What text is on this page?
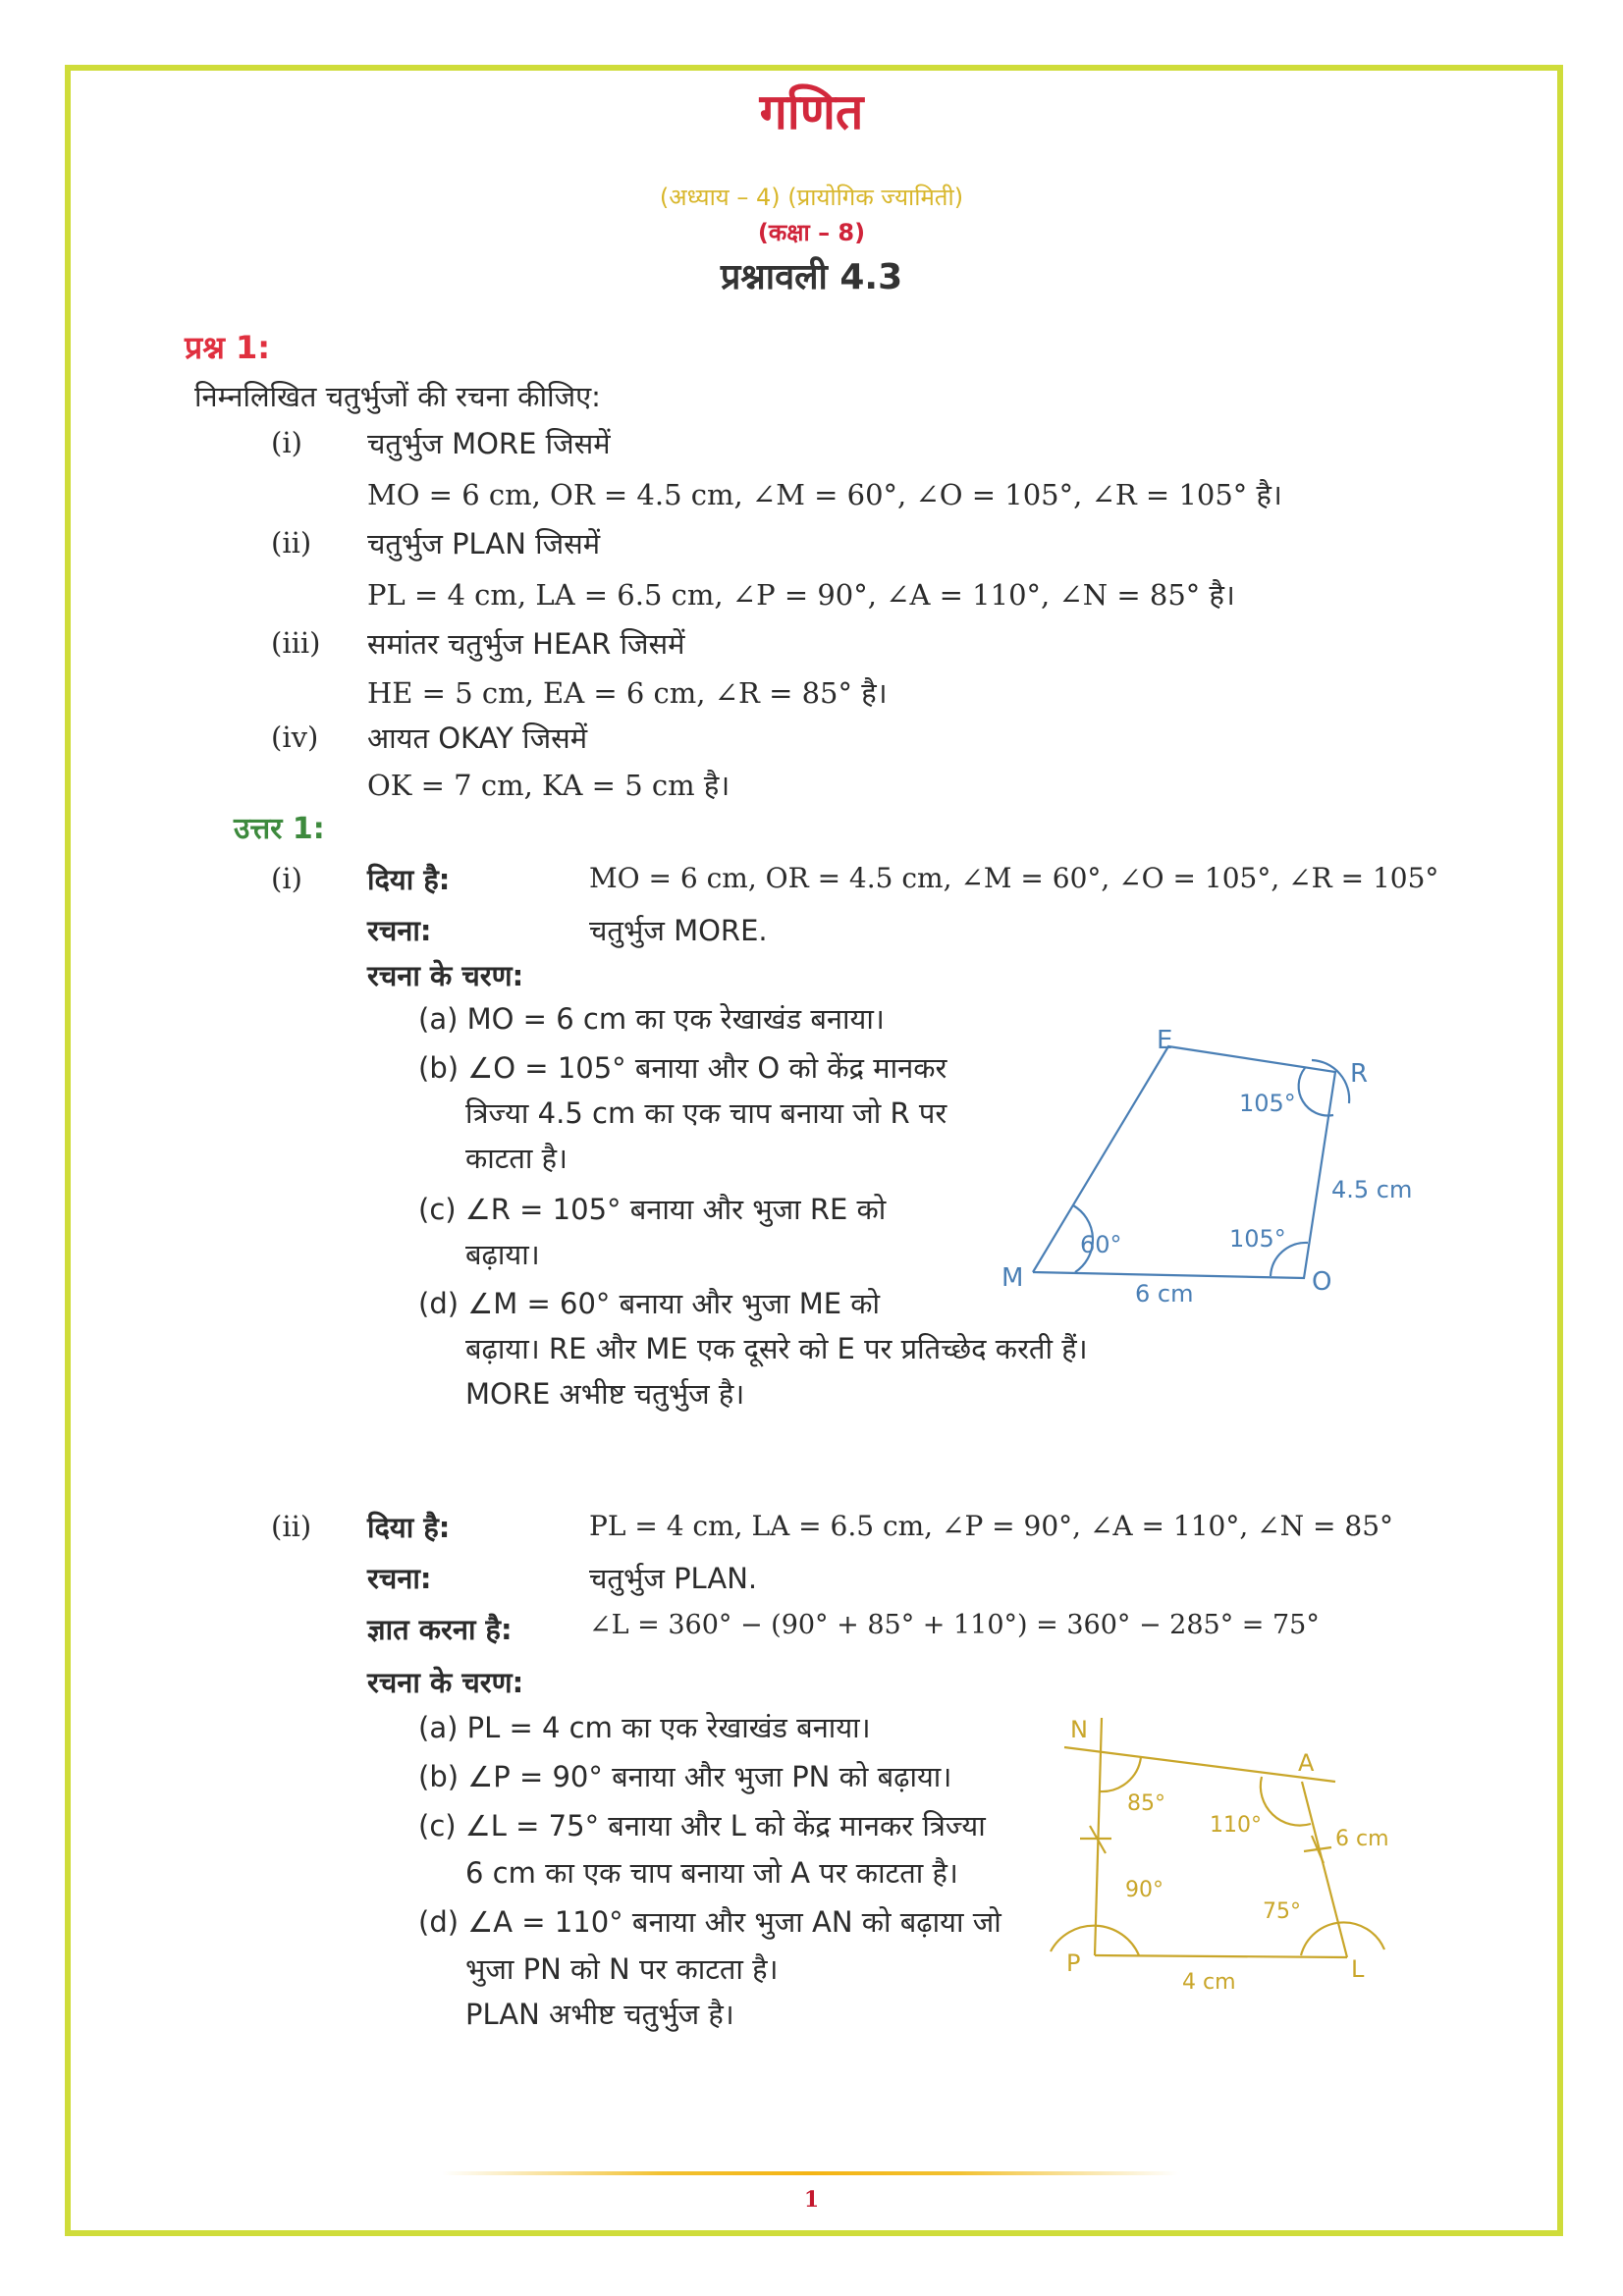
गणित
(अध्याय – 4) (प्रायोगिक ज्यामिती)
(कक्षा – 8)
प्रश्नावली 4.3
प्रश्न 1:
निम्नलिखित चतुर्भुजों की रचना कीजिए:
(i) चतुर्भुज MORE जिसमें
MO = 6 cm, OR = 4.5 cm, ∠M = 60°, ∠O = 105°, ∠R = 105° है।
(ii) चतुर्भुज PLAN जिसमें
PL = 4 cm, LA = 6.5 cm, ∠P = 90°, ∠A = 110°, ∠N = 85° है।
(iii) समांतर चतुर्भुज HEAR जिसमें
HE = 5 cm, EA = 6 cm, ∠R = 85° है।
(iv) आयत OKAY जिसमें
OK = 7 cm, KA = 5 cm है।
उत्तर 1:
(i) दिया है:	MO = 6 cm, OR = 4.5 cm, ∠M = 60°, ∠O = 105°, ∠R = 105°
रचना:	चतुर्भुज MORE.
रचना के चरण:
(a) MO = 6 cm का एक रेखाखंड बनाया।
(b) ∠O = 105° बनाया और O को केंद्र मानकर
त्रिज्या 4.5 cm का एक चाप बनाया जो R पर
काटता है।
(c) ∠R = 105° बनाया और भुजा RE को
बढ़ाया।
(d) ∠M = 60° बनाया और भुजा ME को
बढ़ाया। RE और ME एक दूसरे को E पर प्रतिच्छेद करती हैं।
MORE अभीष्ट चतुर्भुज है।
E
R
M	O
60°	105°
105°
6 cm
4.5 cm
(ii) दिया है:	PL = 4 cm, LA = 6.5 cm, ∠P = 90°, ∠A = 110°, ∠N = 85°
रचना:	चतुर्भुज PLAN.
ज्ञात करना है:	∠L = 360° − (90° + 85° + 110°) = 360° − 285° = 75°
रचना के चरण:
(a) PL = 4 cm का एक रेखाखंड बनाया।
(b) ∠P = 90° बनाया और भुजा PN को बढ़ाया।
(c) ∠L = 75° बनाया और L को केंद्र मानकर त्रिज्या
6 cm का एक चाप बनाया जो A पर काटता है।
(d) ∠A = 110° बनाया और भुजा AN को बढ़ाया जो
भुजा PN को N पर काटता है।
PLAN अभीष्ट चतुर्भुज है।
N
A
P	L
85°
110°
90°
75°
4 cm
6 cm
1
